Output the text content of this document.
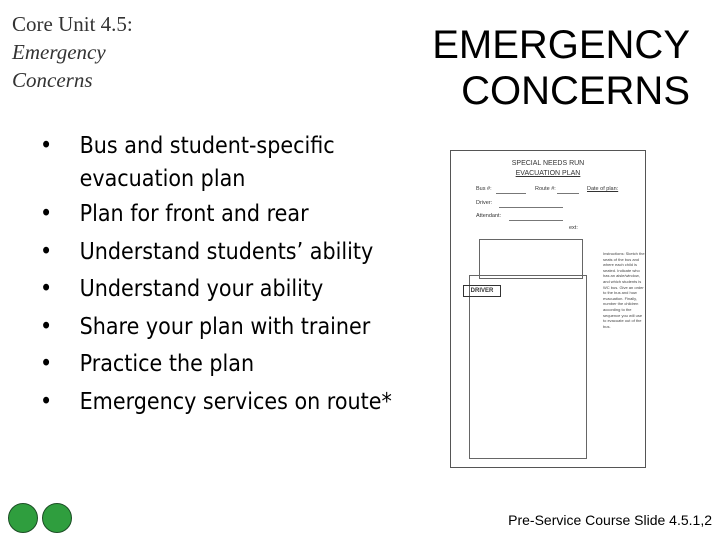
Core Unit 4.5:
Emergency
Concerns
EMERGENCY
CONCERNS
• Bus and student-specific evacuation plan
• Plan for front and rear
• Understand students’ ability
• Understand your ability
• Share your plan with trainer
• Practice the plan
• Emergency services on route*
SPECIAL NEEDS RUN
EVACUATION PLAN
Bus #:	Route #:	Date of plan:
Driver:
Attendant:
ext:
DRIVER
Instructions: Sketch the seats of the bus and where each child is seated. Indicate who has an aisle/window, and which students is WC bus. Give an order to the bus and how evacuation. Finally, number the children according to the sequence you will use to evacuate out of the bus.
Pre-Service Course Slide 4.5.1,2
